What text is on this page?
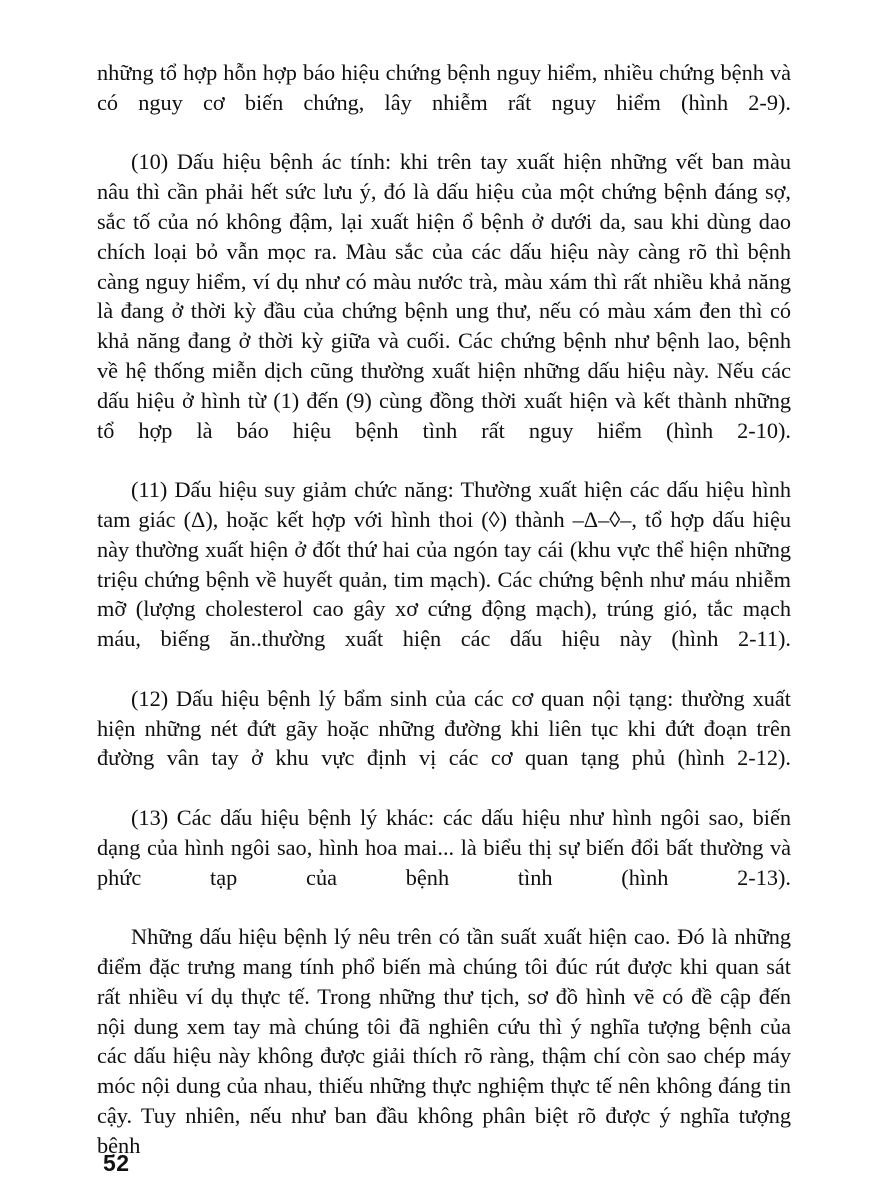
những tổ hợp hỗn hợp báo hiệu chứng bệnh nguy hiểm, nhiều chứng bệnh và có nguy cơ biến chứng, lây nhiễm rất nguy hiểm (hình 2-9).

(10) Dấu hiệu bệnh ác tính: khi trên tay xuất hiện những vết ban màu nâu thì cần phải hết sức lưu ý, đó là dấu hiệu của một chứng bệnh đáng sợ, sắc tố của nó không đậm, lại xuất hiện ổ bệnh ở dưới da, sau khi dùng dao chích loại bỏ vẫn mọc ra. Màu sắc của các dấu hiệu này càng rõ thì bệnh càng nguy hiểm, ví dụ như có màu nước trà, màu xám thì rất nhiều khả năng là đang ở thời kỳ đầu của chứng bệnh ung thư, nếu có màu xám đen thì có khả năng đang ở thời kỳ giữa và cuối. Các chứng bệnh như bệnh lao, bệnh về hệ thống miễn dịch cũng thường xuất hiện những dấu hiệu này. Nếu các dấu hiệu ở hình từ (1) đến (9) cùng đồng thời xuất hiện và kết thành những tổ hợp là báo hiệu bệnh tình rất nguy hiểm (hình 2-10).

(11) Dấu hiệu suy giảm chức năng: Thường xuất hiện các dấu hiệu hình tam giác (Δ), hoặc kết hợp với hình thoi (◊) thành –Δ–◊–, tổ hợp dấu hiệu này thường xuất hiện ở đốt thứ hai của ngón tay cái (khu vực thể hiện những triệu chứng bệnh về huyết quản, tim mạch). Các chứng bệnh như máu nhiễm mỡ (lượng cholesterol cao gây xơ cứng động mạch), trúng gió, tắc mạch máu, biếng ăn..thường xuất hiện các dấu hiệu này (hình 2-11).

(12) Dấu hiệu bệnh lý bẩm sinh của các cơ quan nội tạng: thường xuất hiện những nét đứt gãy hoặc những đường khi liên tục khi đứt đoạn trên đường vân tay ở khu vực định vị các cơ quan tạng phủ (hình 2-12).

(13) Các dấu hiệu bệnh lý khác: các dấu hiệu như hình ngôi sao, biến dạng của hình ngôi sao, hình hoa mai... là biểu thị sự biến đổi bất thường và phức tạp của bệnh tình (hình 2-13).

Những dấu hiệu bệnh lý nêu trên có tần suất xuất hiện cao. Đó là những điểm đặc trưng mang tính phổ biến mà chúng tôi đúc rút được khi quan sát rất nhiều ví dụ thực tế. Trong những thư tịch, sơ đồ hình vẽ có đề cập đến nội dung xem tay mà chúng tôi đã nghiên cứu thì ý nghĩa tượng bệnh của các dấu hiệu này không được giải thích rõ ràng, thậm chí còn sao chép máy móc nội dung của nhau, thiếu những thực nghiệm thực tế nên không đáng tin cậy. Tuy nhiên, nếu như ban đầu không phân biệt rõ được ý nghĩa tượng bệnh

52
